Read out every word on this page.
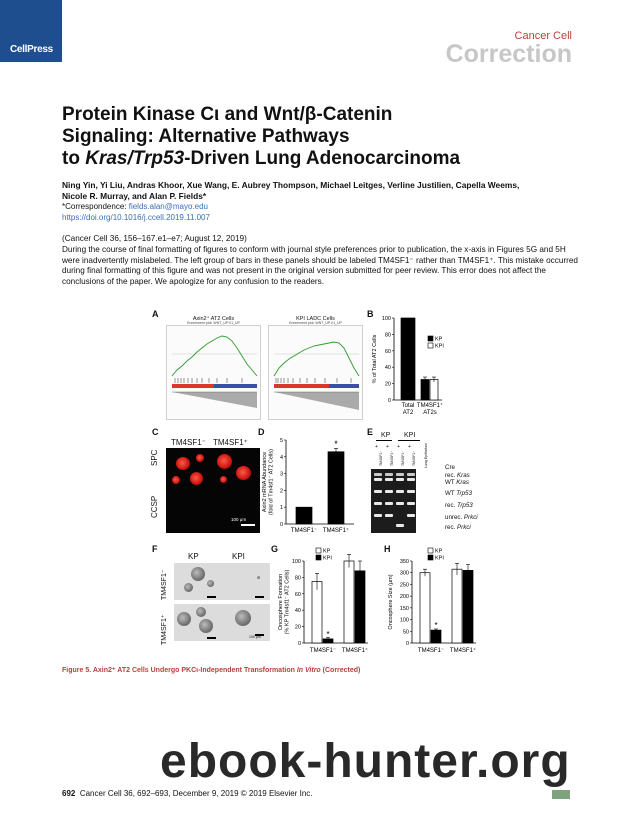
CellPress
Cancer Cell
Correction
Protein Kinase Cι and Wnt/β-Catenin
Signaling: Alternative Pathways
to Kras/Trp53-Driven Lung Adenocarcinoma
Ning Yin, Yi Liu, Andras Khoor, Xue Wang, E. Aubrey Thompson, Michael Leitges, Verline Justilien, Capella Weems,
Nicole R. Murray, and Alan P. Fields*
*Correspondence: fields.alan@mayo.edu
https://doi.org/10.1016/j.ccell.2019.11.007
(Cancer Cell 36, 156–167.e1–e7; August 12, 2019)
During the course of final formatting of figures to conform with journal style preferences prior to publication, the x-axis in Figures 5G and 5H were inadvertently mislabeled. The left group of bars in these panels should be labeled TM4SF1⁻ rather than TM4SF1⁺. This mistake occurred during final formatting of this figure and was not present in the original version submitted for peer review. This error does not affect the conclusions of the paper. We apologize for any confusion to the readers.
A	Axin2⁺ AT2 Cells	KPI LADC Cells
Enrichment plot: WNT_UP.V1_UP	Enrichment plot: WNT_UP.V1_UP
B
0
20
40
60
80
100
% of Total AT2 Cells
Total
AT2
TM4SF1⁺
AT2s
KP
KPI
C
TM4SF1⁻ TM4SF1⁺
SPC
CCSP
100 μm
D
0
1
2
3
4
5
Axin2 mRNA Abundance (fold of Tm4sf1⁻ AT2 Cells)
*
TM4SF1⁻ TM4SF1⁺
E KP KPI
+ + + +
TM4SF1⁻ TM4SF1⁺ TM4SF1⁻ TM4SF1⁺ Lung Epithelium	Cre
rec. Kras
WT Kras
WT Trp53
rec. Trp53
unrec. Prkci
rec. Prkci
F
KP	KPI
TM4SF1⁻
TM4SF1⁺	100 μm
G
0
20
40
60
80
100
Oncosphere Formation (% KP Tm4sf1⁻ AT2 Cells)
*
TM4SF1⁻ TM4SF1⁺
KP
KPI
H
0
50
100
150
200
250
300
350
Oncosphere Size (μm)	*
TM4SF1⁻ TM4SF1⁺
KP
KPI
Figure 5. Axin2⁺ AT2 Cells Undergo PKCι-Independent Transformation In Vitro (Corrected)
ebook-hunter.org
692 Cancer Cell 36, 692–693, December 9, 2019 © 2019 Elsevier Inc.
